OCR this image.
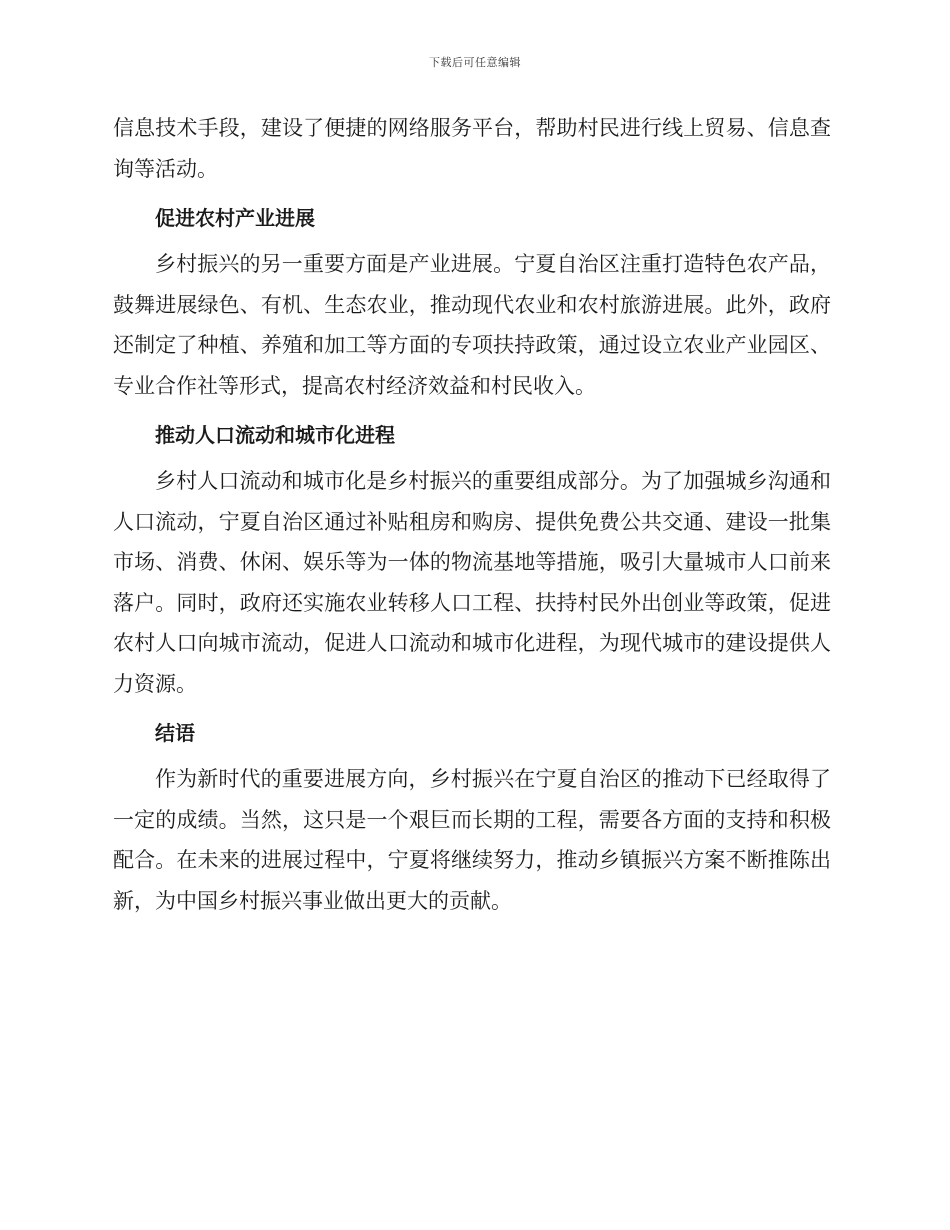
下载后可任意编辑

信息技术手段，建设了便捷的网络服务平台，帮助村民进行线上贸易、信息查询等活动。

促进农村产业进展

乡村振兴的另一重要方面是产业进展。宁夏自治区注重打造特色农产品，鼓舞进展绿色、有机、生态农业，推动现代农业和农村旅游进展。此外，政府还制定了种植、养殖和加工等方面的专项扶持政策，通过设立农业产业园区、专业合作社等形式，提高农村经济效益和村民收入。

推动人口流动和城市化进程

乡村人口流动和城市化是乡村振兴的重要组成部分。为了加强城乡沟通和人口流动，宁夏自治区通过补贴租房和购房、提供免费公共交通、建设一批集市场、消费、休闲、娱乐等为一体的物流基地等措施，吸引大量城市人口前来落户。同时，政府还实施农业转移人口工程、扶持村民外出创业等政策，促进农村人口向城市流动，促进人口流动和城市化进程，为现代城市的建设提供人力资源。

结语

作为新时代的重要进展方向，乡村振兴在宁夏自治区的推动下已经取得了一定的成绩。当然，这只是一个艰巨而长期的工程，需要各方面的支持和积极配合。在未来的进展过程中，宁夏将继续努力，推动乡镇振兴方案不断推陈出新，为中国乡村振兴事业做出更大的贡献。
